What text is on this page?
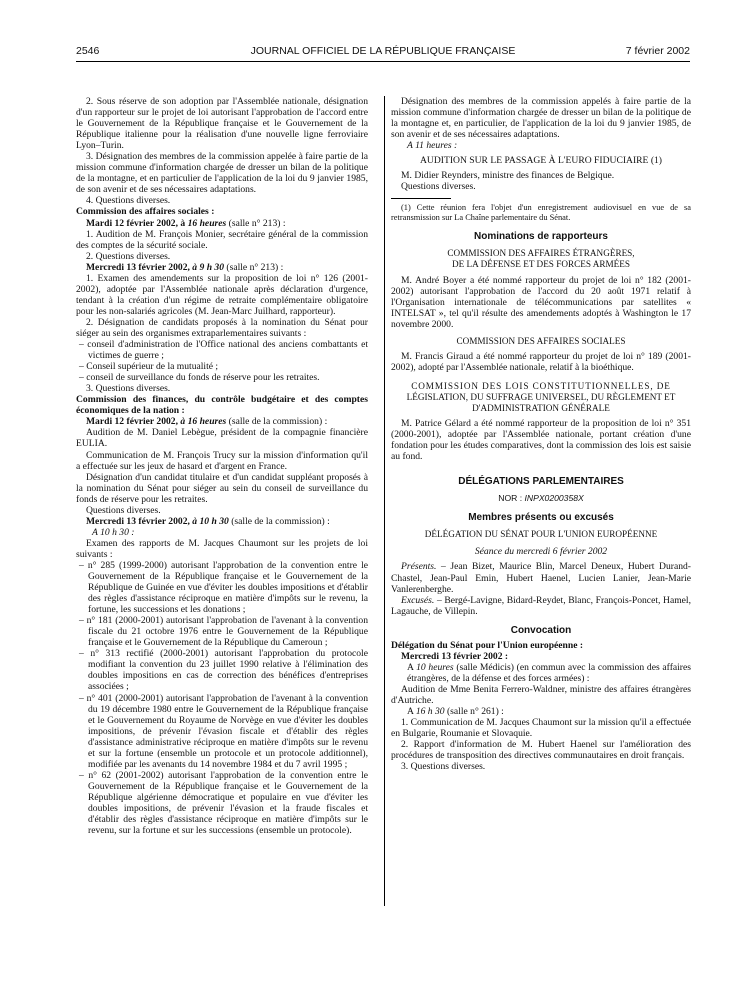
2546	JOURNAL OFFICIEL DE LA RÉPUBLIQUE FRANÇAISE	7 février 2002

2. Sous réserve de son adoption par l'Assemblée nationale, désignation d'un rapporteur sur le projet de loi autorisant l'approbation de l'accord entre le Gouvernement de la République française et le Gouvernement de la République italienne pour la réalisation d'une nouvelle ligne ferroviaire Lyon–Turin.

3. Désignation des membres de la commission appelée à faire partie de la mission commune d'information chargée de dresser un bilan de la politique de la montagne, et en particulier de l'application de la loi du 9 janvier 1985, de son avenir et de ses nécessaires adaptations.

4. Questions diverses.

Commission des affaires sociales :

Mardi 12 février 2002, à 16 heures (salle n° 213) :

1. Audition de M. François Monier, secrétaire général de la commission des comptes de la sécurité sociale.

2. Questions diverses.

Mercredi 13 février 2002, à 9 h 30 (salle n° 213) :

1. Examen des amendements sur la proposition de loi n° 126 (2001-2002), adoptée par l'Assemblée nationale après déclaration d'urgence, tendant à la création d'un régime de retraite complémentaire obligatoire pour les non-salariés agricoles (M. Jean-Marc Juilhard, rapporteur).

2. Désignation de candidats proposés à la nomination du Sénat pour siéger au sein des organismes extraparlementaires suivants :

– conseil d'administration de l'Office national des anciens combattants et victimes de guerre ;

– Conseil supérieur de la mutualité ;

– conseil de surveillance du fonds de réserve pour les retraites.

3. Questions diverses.

Commission des finances, du contrôle budgétaire et des comptes économiques de la nation :

Mardi 12 février 2002, à 16 heures (salle de la commission) :

Audition de M. Daniel Lebègue, président de la compagnie financière EULIA.

Communication de M. François Trucy sur la mission d'information qu'il a effectuée sur les jeux de hasard et d'argent en France.

Désignation d'un candidat titulaire et d'un candidat suppléant proposés à la nomination du Sénat pour siéger au sein du conseil de surveillance du fonds de réserve pour les retraites.

Questions diverses.

Mercredi 13 février 2002, à 10 h 30 (salle de la commission) :

A 10 h 30 :

Examen des rapports de M. Jacques Chaumont sur les projets de loi suivants :

– n° 285 (1999-2000) autorisant l'approbation de la convention entre le Gouvernement de la République française et le Gouvernement de la République de Guinée en vue d'éviter les doubles impositions et d'établir des règles d'assistance réciproque en matière d'impôts sur le revenu, la fortune, les successions et les donations ;

– n° 181 (2000-2001) autorisant l'approbation de l'avenant à la convention fiscale du 21 octobre 1976 entre le Gouvernement de la République française et le Gouvernement de la République du Cameroun ;

– n° 313 rectifié (2000-2001) autorisant l'approbation du protocole modifiant la convention du 23 juillet 1990 relative à l'élimination des doubles impositions en cas de correction des bénéfices d'entreprises associées ;

– n° 401 (2000-2001) autorisant l'approbation de l'avenant à la convention du 19 décembre 1980 entre le Gouvernement de la République française et le Gouvernement du Royaume de Norvège en vue d'éviter les doubles impositions, de prévenir l'évasion fiscale et d'établir des règles d'assistance administrative réciproque en matière d'impôts sur le revenu et sur la fortune (ensemble un protocole et un protocole additionnel), modifiée par les avenants du 14 novembre 1984 et du 7 avril 1995 ;

– n° 62 (2001-2002) autorisant l'approbation de la convention entre le Gouvernement de la République française et le Gouvernement de la République algérienne démocratique et populaire en vue d'éviter les doubles impositions, de prévenir l'évasion et la fraude fiscales et d'établir des règles d'assistance réciproque en matière d'impôts sur le revenu, sur la fortune et sur les successions (ensemble un protocole).

Désignation des membres de la commission appelés à faire partie de la mission commune d'information chargée de dresser un bilan de la politique de la montagne et, en particulier, de l'application de la loi du 9 janvier 1985, de son avenir et de ses nécessaires adaptations.

A 11 heures :

AUDITION SUR LE PASSAGE À L'EURO FIDUCIAIRE (1)

M. Didier Reynders, ministre des finances de Belgique.

Questions diverses.

(1) Cette réunion fera l'objet d'un enregistrement audiovisuel en vue de sa retransmission sur La Chaîne parlementaire du Sénat.

Nominations de rapporteurs

COMMISSION DES AFFAIRES ÉTRANGÈRES,

DE LA DÉFENSE ET DES FORCES ARMÉES

M. André Boyer a été nommé rapporteur du projet de loi n° 182 (2001-2002) autorisant l'approbation de l'accord du 20 août 1971 relatif à l'Organisation internationale de télécommunications par satellites « INTELSAT », tel qu'il résulte des amendements adoptés à Washington le 17 novembre 2000.

COMMISSION DES AFFAIRES SOCIALES

M. Francis Giraud a été nommé rapporteur du projet de loi n° 189 (2001-2002), adopté par l'Assemblée nationale, relatif à la bioéthique.

COMMISSION DES LOIS CONSTITUTIONNELLES, DE

LÉGISLATION, DU SUFFRAGE UNIVERSEL, DU RÈGLEMENT ET

D'ADMINISTRATION GÉNÉRALE

M. Patrice Gélard a été nommé rapporteur de la proposition de loi n° 351 (2000-2001), adoptée par l'Assemblée nationale, portant création d'une fondation pour les études comparatives, dont la commission des lois est saisie au fond.

DÉLÉGATIONS PARLEMENTAIRES

NOR : INPX0200358X

Membres présents ou excusés

DÉLÉGATION DU SÉNAT POUR L'UNION EUROPÉENNE

Séance du mercredi 6 février 2002

Présents. – Jean Bizet, Maurice Blin, Marcel Deneux, Hubert Durand-Chastel, Jean-Paul Emin, Hubert Haenel, Lucien Lanier, Jean-Marie Vanlerenberghe.

Excusés. – Bergé-Lavigne, Bidard-Reydet, Blanc, François-Poncet, Hamel, Lagauche, de Villepin.

Convocation

Délégation du Sénat pour l'Union européenne :

Mercredi 13 février 2002 :

A 10 heures (salle Médicis) (en commun avec la commission des affaires étrangères, de la défense et des forces armées) :

Audition de Mme Benita Ferrero-Waldner, ministre des affaires étrangères d'Autriche.

A 16 h 30 (salle n° 261) :

1. Communication de M. Jacques Chaumont sur la mission qu'il a effectuée en Bulgarie, Roumanie et Slovaquie.

2. Rapport d'information de M. Hubert Haenel sur l'amélioration des procédures de transposition des directives communautaires en droit français.

3. Questions diverses.
